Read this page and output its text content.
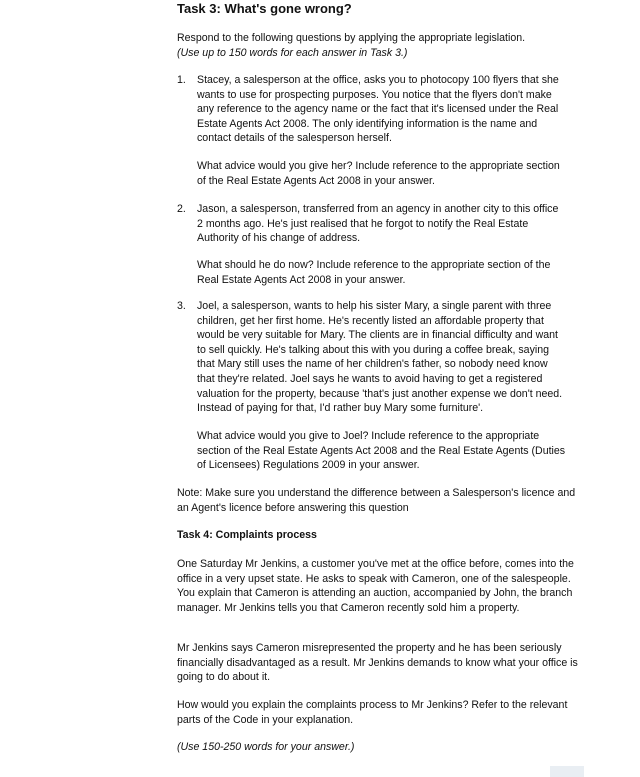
Task 3: What's gone wrong?

Respond to the following questions by applying the appropriate legislation.
(Use up to 150 words for each answer in Task 3.)

1. Stacey, a salesperson at the office, asks you to photocopy 100 flyers that she wants to use for prospecting purposes. You notice that the flyers don't make any reference to the agency name or the fact that it's licensed under the Real Estate Agents Act 2008. The only identifying information is the name and contact details of the salesperson herself.

What advice would you give her? Include reference to the appropriate section of the Real Estate Agents Act 2008 in your answer.

2. Jason, a salesperson, transferred from an agency in another city to this office 2 months ago. He's just realised that he forgot to notify the Real Estate Authority of his change of address.

What should he do now? Include reference to the appropriate section of the Real Estate Agents Act 2008 in your answer.

3. Joel, a salesperson, wants to help his sister Mary, a single parent with three children, get her first home. He's recently listed an affordable property that would be very suitable for Mary. The clients are in financial difficulty and want to sell quickly. He's talking about this with you during a coffee break, saying that Mary still uses the name of her children's father, so nobody need know that they're related. Joel says he wants to avoid having to get a registered valuation for the property, because 'that's just another expense we don't need. Instead of paying for that, I'd rather buy Mary some furniture'.

What advice would you give to Joel? Include reference to the appropriate section of the Real Estate Agents Act 2008 and the Real Estate Agents (Duties of Licensees) Regulations 2009 in your answer.

Note: Make sure you understand the difference between a Salesperson's licence and an Agent's licence before answering this question

Task 4: Complaints process

One Saturday Mr Jenkins, a customer you've met at the office before, comes into the office in a very upset state. He asks to speak with Cameron, one of the salespeople. You explain that Cameron is attending an auction, accompanied by John, the branch manager. Mr Jenkins tells you that Cameron recently sold him a property.

Mr Jenkins says Cameron misrepresented the property and he has been seriously financially disadvantaged as a result. Mr Jenkins demands to know what your office is going to do about it.

How would you explain the complaints process to Mr Jenkins? Refer to the relevant parts of the Code in your explanation.

(Use 150-250 words for your answer.)
